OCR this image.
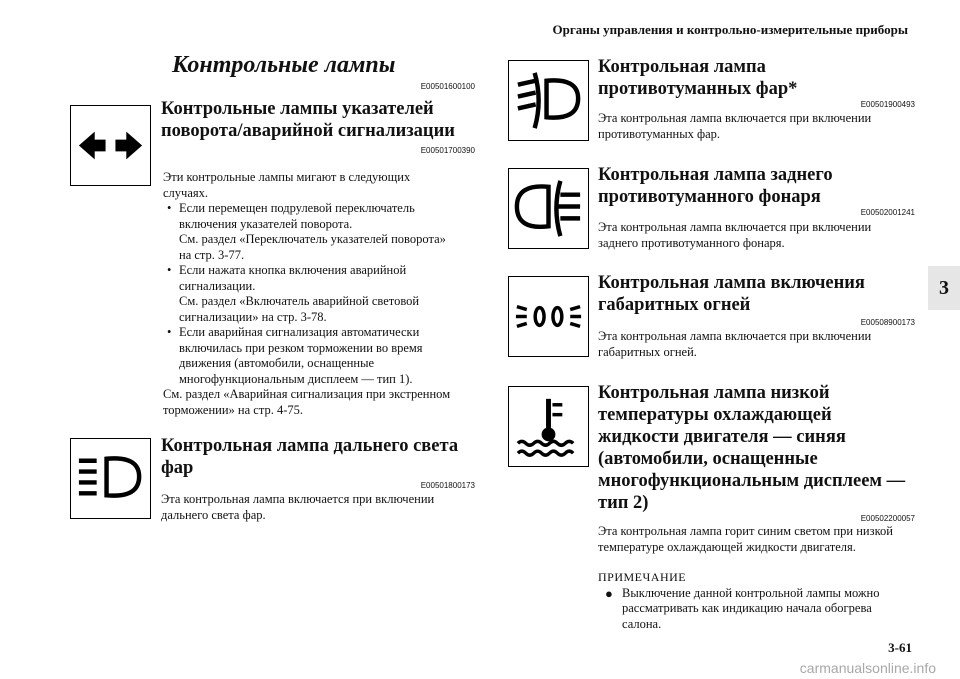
Органы управления и контрольно-измерительные приборы
Контрольные лампы
E00501600100
Контрольные лампы указателей
поворота/аварийной сигнализации
E00501700390
Эти контрольные лампы мигают в следующих
случаях.
• Если перемещен подрулевой переключатель
включения указателей поворота.
См. раздел «Переключатель указателей поворота»
на стр. 3-77.
• Если нажата кнопка включения аварийной
сигнализации.
См. раздел «Включатель аварийной световой
сигнализации» на стр. 3-78.
• Если аварийная сигнализация автоматически
включилась при резком торможении во время
движения (автомобили, оснащенные
многофункциональным дисплеем — тип 1).
См. раздел «Аварийная сигнализация при экстренном
торможении» на стр. 4-75.
Контрольная лампа дальнего света
фар
E00501800173
Эта контрольная лампа включается при включении
дальнего света фар.
Контрольная лампа
противотуманных фар*
E00501900493
Эта контрольная лампа включается при включении
противотуманных фар.
Контрольная лампа заднего
противотуманного фонаря
E00502001241
Эта контрольная лампа включается при включении
заднего противотуманного фонаря.
Контрольная лампа включения
габаритных огней
E00508900173
Эта контрольная лампа включается при включении
габаритных огней.
Контрольная лампа низкой
температуры охлаждающей
жидкости двигателя — синяя
(автомобили, оснащенные
многофункциональным дисплеем —
тип 2)
E00502200057
Эта контрольная лампа горит синим светом при низкой
температуре охлаждающей жидкости двигателя.
ПРИМЕЧАНИЕ
● Выключение данной контрольной лампы можно
рассматривать как индикацию начала обогрева
салона.
3
3-61
carmanualsonline.info
